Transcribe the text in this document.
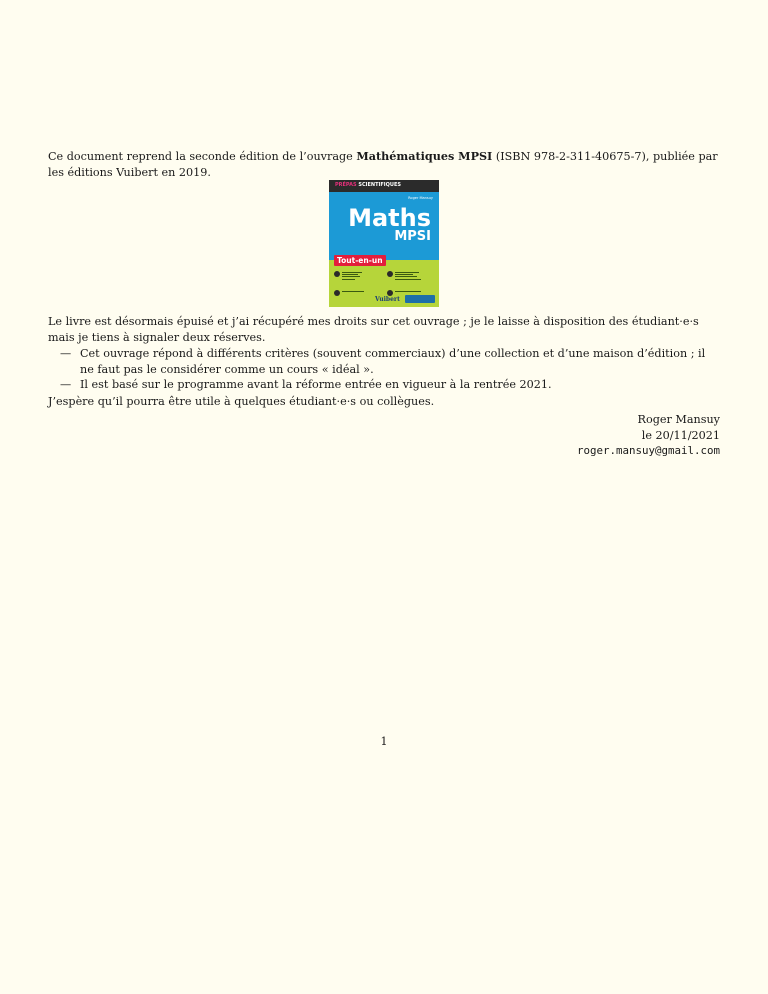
Ce document reprend la seconde édition de l’ouvrage Mathématiques MPSI (ISBN 978-2-311-40675-7), publiée par les éditions Vuibert en 2019.

PRÉPAS SCIENTIFIQUES
Roger Mansuy
Maths
MPSI
Tout-en-un
Vuibert

Le livre est désormais épuisé et j’ai récupéré mes droits sur cet ouvrage ; je le laisse à disposition des étudiant·e·s mais je tiens à signaler deux réserves.

— Cet ouvrage répond à différents critères (souvent commerciaux) d’une collection et d’une maison d’édition ; il ne faut pas le considérer comme un cours « idéal ».
— Il est basé sur le programme avant la réforme entrée en vigueur à la rentrée 2021.

J’espère qu’il pourra être utile à quelques étudiant·e·s ou collègues.

Roger Mansuy
le 20/11/2021
roger.mansuy@gmail.com
1
